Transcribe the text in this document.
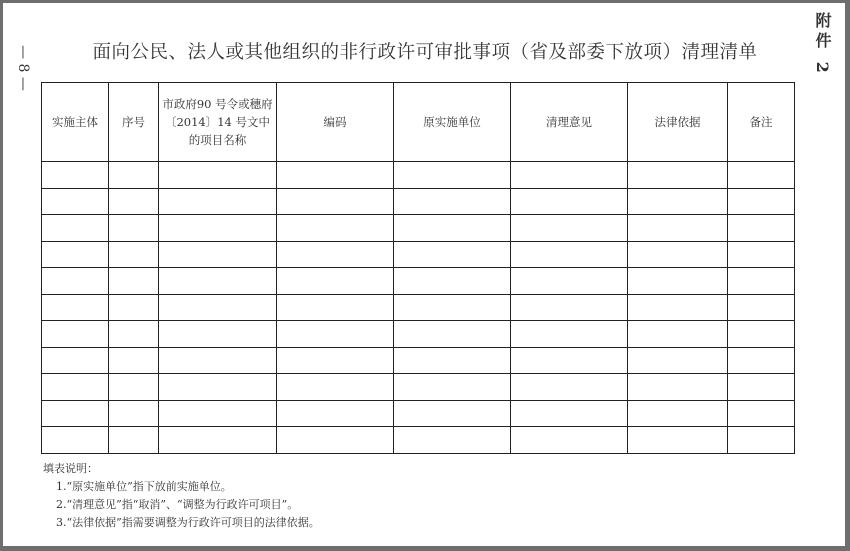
— 8 —	附件 2
面向公民、法人或其他组织的非行政许可审批事项（省及部委下放项）清理清单
实施主体	序号	市政府90 号令或穗府〔2014〕14 号文中的项目名称	编码	原实施单位	清理意见	法律依据	备注

填表说明：
1.“原实施单位”指下放前实施单位。
2.“清理意见”指“取消”、“调整为行政许可项目”。
3.“法律依据”指需要调整为行政许可项目的法律依据。
